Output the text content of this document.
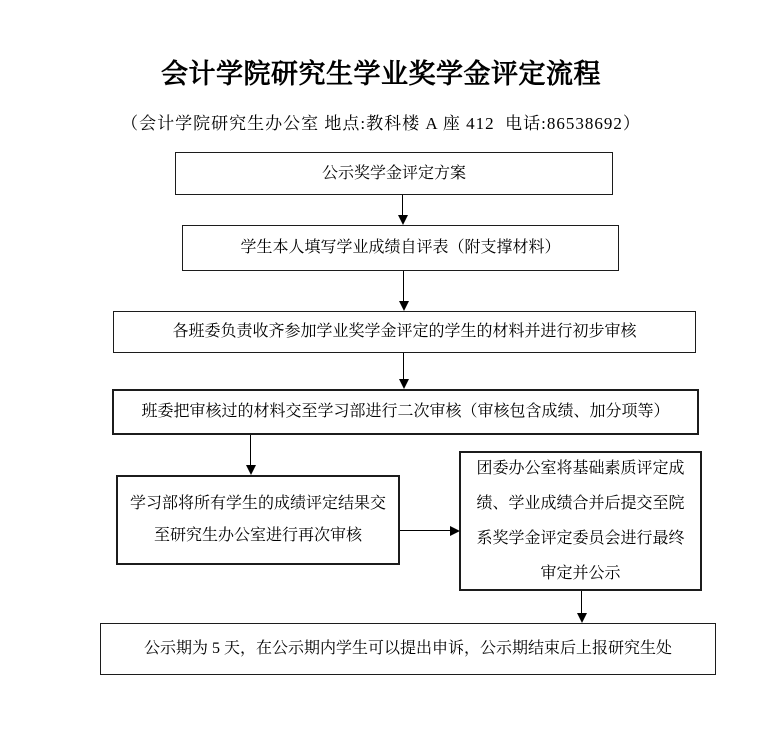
会计学院研究生学业奖学金评定流程
（会计学院研究生办公室 地点:教科楼 A 座 412  电话:86538692）
公示奖学金评定方案
学生本人填写学业成绩自评表（附支撑材料）
各班委负责收齐参加学业奖学金评定的学生的材料并进行初步审核
班委把审核过的材料交至学习部进行二次审核（审核包含成绩、加分项等）
学习部将所有学生的成绩评定结果交至研究生办公室进行再次审核
团委办公室将基础素质评定成绩、学业成绩合并后提交至院系奖学金评定委员会进行最终审定并公示
公示期为 5 天，在公示期内学生可以提出申诉，公示期结束后上报研究生处
